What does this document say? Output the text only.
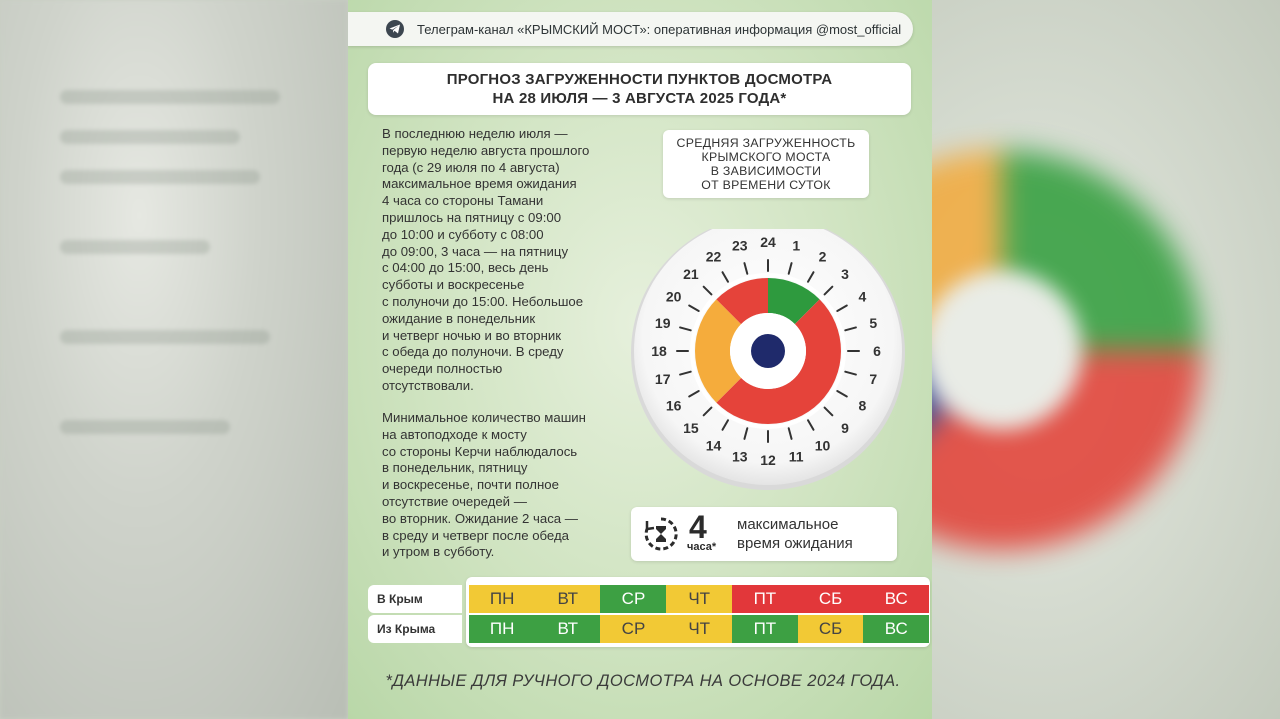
Телеграм-канал «КРЫМСКИЙ МОСТ»: оперативная информация @most_official
ПРОГНОЗ ЗАГРУЖЕННОСТИ ПУНКТОВ ДОСМОТРА
НА 28 ИЮЛЯ — 3 АВГУСТА 2025 ГОДА*
В последнюю неделю июля —
первую неделю августа прошлого
года (с 29 июля по 4 августа)
максимальное время ожидания
4 часа со стороны Тамани
пришлось на пятницу с 09:00
до 10:00 и субботу с 08:00
до 09:00, 3 часа — на пятницу
с 04:00 до 15:00, весь день
субботы и воскресенье
с полуночи до 15:00. Небольшое
ожидание в понедельник
и четверг ночью и во вторник
с обеда до полуночи. В среду
очереди полностью
отсутствовали.
Минимальное количество машин
на автоподходе к мосту
со стороны Керчи наблюдалось
в понедельник, пятницу
и воскресенье, почти полное
отсутствие очередей —
во вторник. Ожидание 2 часа —
в среду и четверг после обеда
и утром в субботу.
СРЕДНЯЯ ЗАГРУЖЕННОСТЬ
КРЫМСКОГО МОСТА
В ЗАВИСИМОСТИ
ОТ ВРЕМЕНИ СУТОК
24 1
2
3
4
5
6
7
8
9
10
11
12
13
14
15
16
17
18
19
20
21
22
23
4
часа*
максимальное
время ожидания
В Крым	ПН	ВТ	СР	ЧТ	ПТ	СБ	ВС
Из Крыма	ПН	ВТ	СР	ЧТ	ПТ	СБ	ВС
*ДАННЫЕ ДЛЯ РУЧНОГО ДОСМОТРА НА ОСНОВЕ 2024 ГОДА.
